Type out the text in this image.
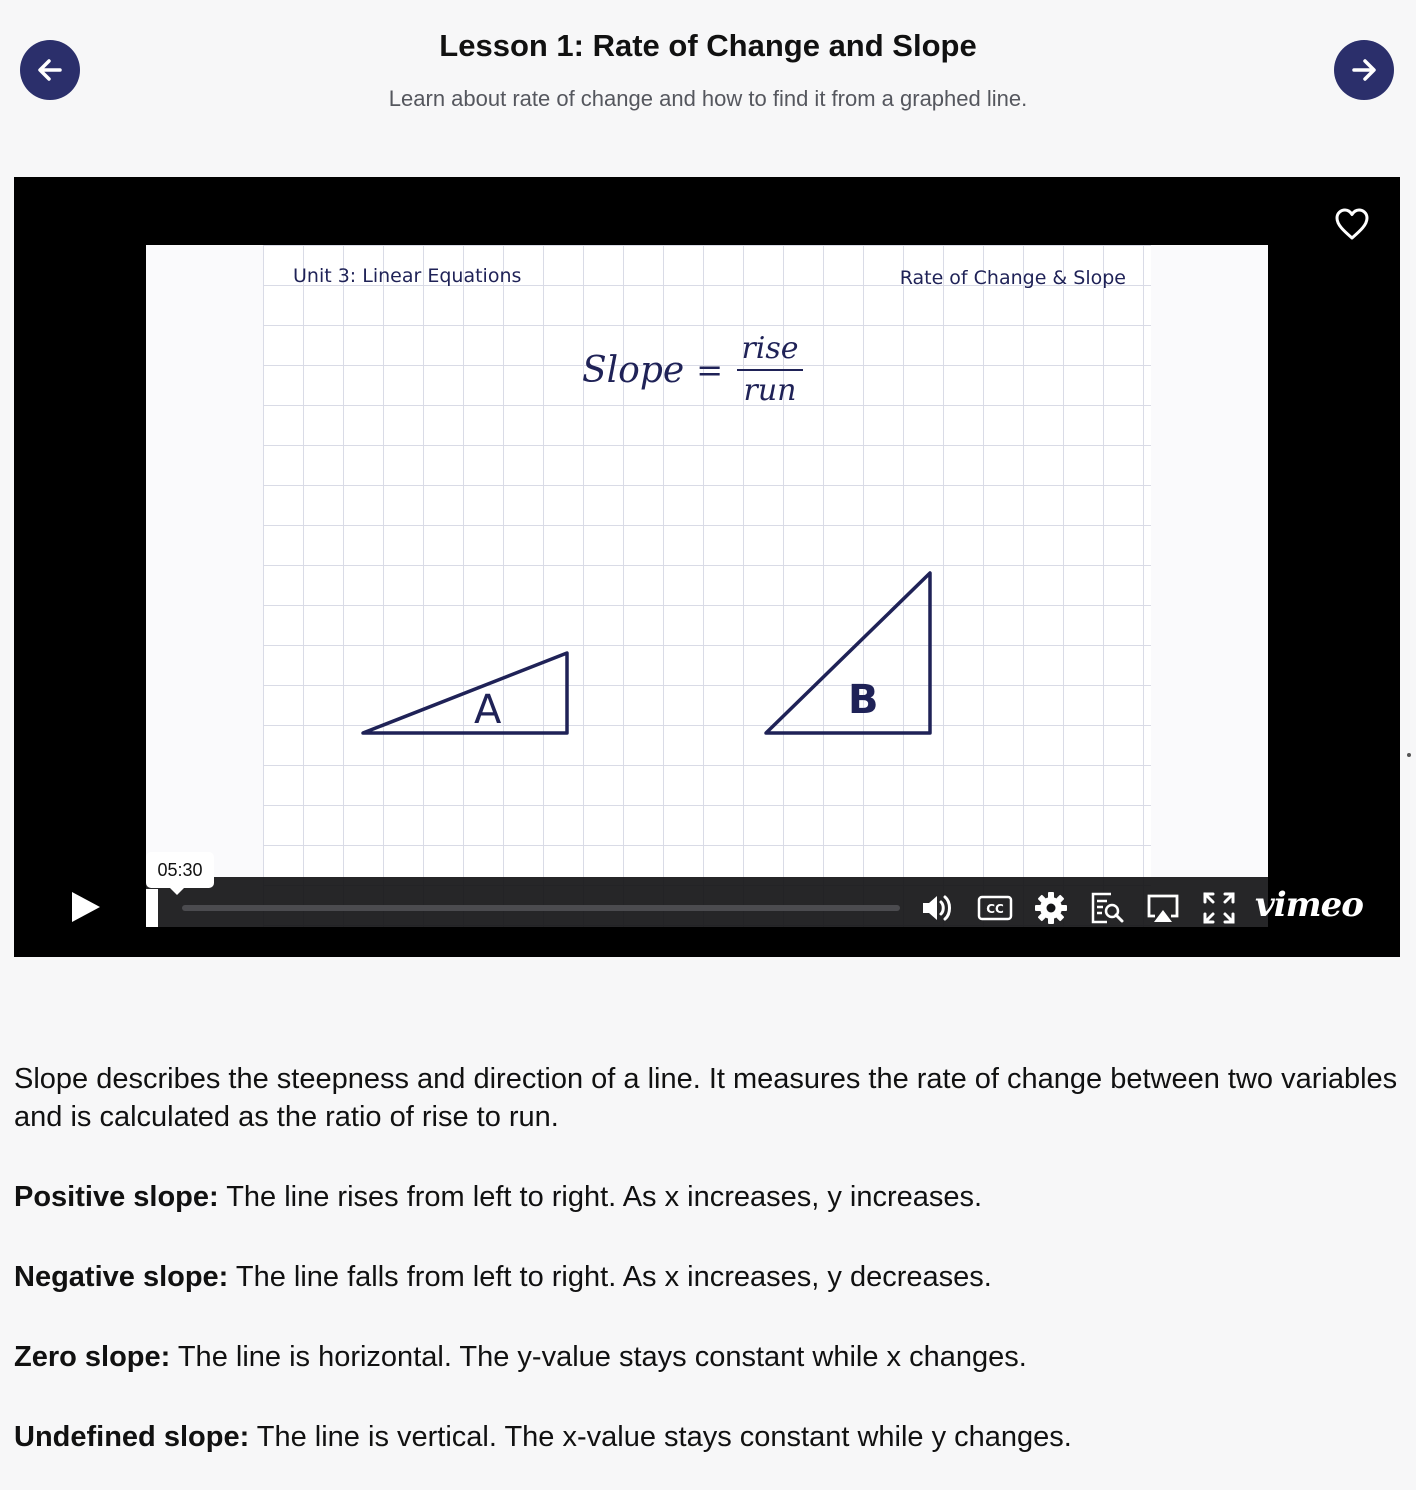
Lesson 1: Rate of Change and Slope
Learn about rate of change and how to find it from a graphed line.
Unit 3: Linear Equations	Rate of Change & Slope
Slope = $\frac{\text{rise}}{\text{run}}$
A	B
05:30
CC	vimeo

Slope describes the steepness and direction of a line. It measures the rate of change between two variables and is calculated as the ratio of rise to run.

Positive slope: The line rises from left to right. As x increases, y increases.

Negative slope: The line falls from left to right. As x increases, y decreases.

Zero slope: The line is horizontal. The y-value stays constant while x changes.

Undefined slope: The line is vertical. The x-value stays constant while y changes.
